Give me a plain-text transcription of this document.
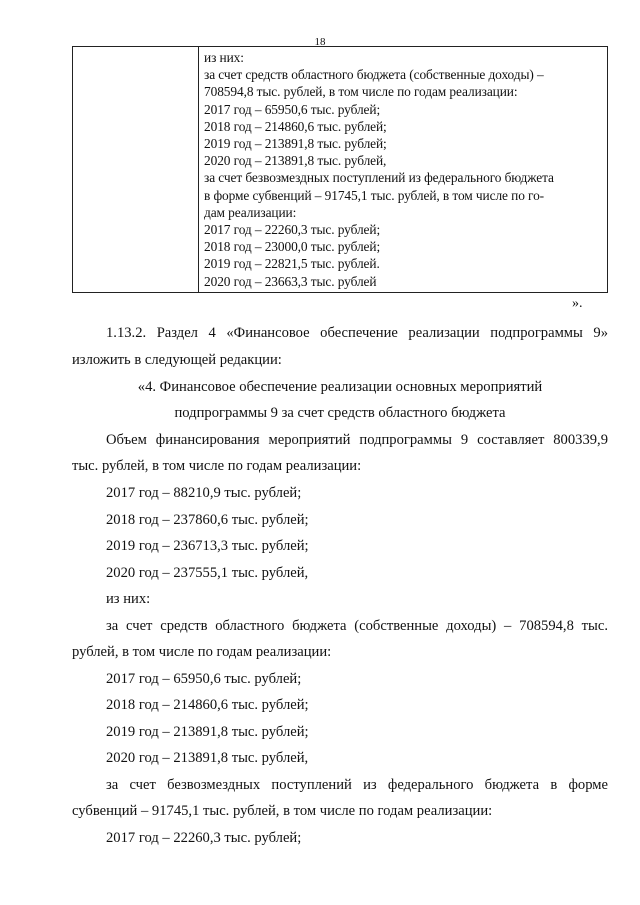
18
из них:
за счет средств областного бюджета (собственные доходы) –
708594,8 тыс. рублей, в том числе по годам реализации:
2017 год – 65950,6 тыс. рублей;
2018 год – 214860,6 тыс. рублей;
2019 год – 213891,8 тыс. рублей;
2020 год – 213891,8 тыс. рублей,
за счет безвозмездных поступлений из федерального бюджета
в форме субвенций – 91745,1 тыс. рублей, в том числе по го-
дам реализации:
2017 год – 22260,3 тыс. рублей;
2018 год – 23000,0 тыс. рублей;
2019 год – 22821,5 тыс. рублей.
2020 год – 23663,3 тыс. рублей
».
1.13.2. Раздел 4 «Финансовое обеспечение реализации подпрограммы 9»
изложить в следующей редакции:
«4. Финансовое обеспечение реализации основных мероприятий
подпрограммы 9 за счет средств областного бюджета
Объем финансирования мероприятий подпрограммы 9 составляет 800339,9
тыс. рублей, в том числе по годам реализации:
2017 год – 88210,9 тыс. рублей;
2018 год – 237860,6 тыс. рублей;
2019 год – 236713,3 тыс. рублей;
2020 год – 237555,1 тыс. рублей,
из них:
за счет средств областного бюджета (собственные доходы) – 708594,8 тыс.
рублей, в том числе по годам реализации:
2017 год – 65950,6 тыс. рублей;
2018 год – 214860,6 тыс. рублей;
2019 год – 213891,8 тыс. рублей;
2020 год – 213891,8 тыс. рублей,
за счет безвозмездных поступлений из федерального бюджета в форме
субвенций – 91745,1 тыс. рублей, в том числе по годам реализации:
2017 год – 22260,3 тыс. рублей;
